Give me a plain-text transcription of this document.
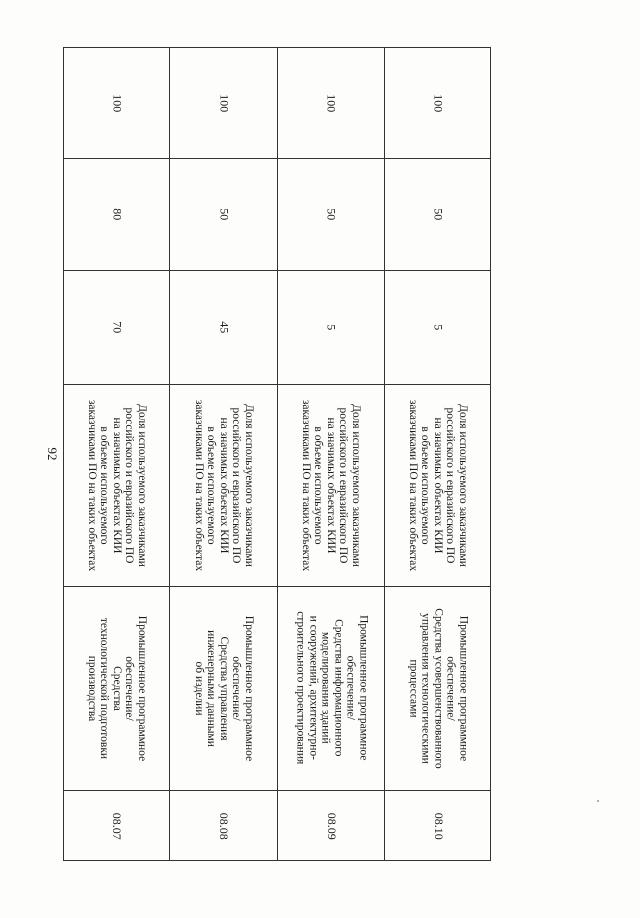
92
100
80
70
Доля используемого заказчиками
российского и евразийского ПО
на значимых объектах КИИ
в объеме используемого
заказчиками ПО на таких объектах
Промышленное программное
обеспечение/
Средства
технологической подготовки
производства
08.07
100
50
45
Доля используемого заказчиками
российского и евразийского ПО
на значимых объектах КИИ
в объеме используемого
заказчиками ПО на таких объектах
Промышленное программное
обеспечение/
Средства управления
инженерными данными
об изделии
08.08
100
50
5
Доля используемого заказчиками
российского и евразийского ПО
на значимых объектах КИИ
в объеме используемого
заказчиками ПО на таких объектах
Промышленное программное
обеспечение/
Средства информационного
моделирования зданий
и сооружений, архитектурно-
строительного проектирования
08.09
100
50
5
Доля используемого заказчиками
российского и евразийского ПО
на значимых объектах КИИ
в объеме используемого
заказчиками ПО на таких объектах
Промышленное программное
обеспечение/
Средства усовершенствованного
управления технологическими
процессами
08.10
